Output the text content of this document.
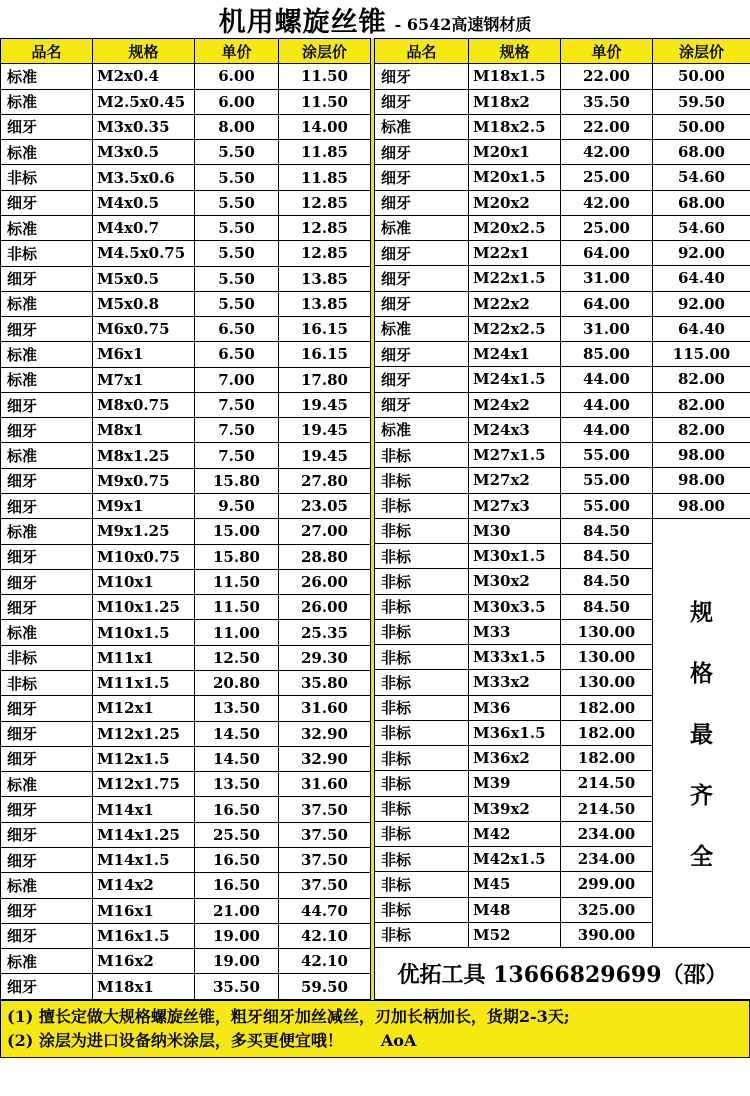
机用螺旋丝锥 - 6542高速钢材质
品名	规格	单价	涂层价
标准	M2x0.4	6.00	11.50
标准	M2.5x0.45	6.00	11.50
细牙	M3x0.35	8.00	14.00
标准	M3x0.5	5.50	11.85
非标	M3.5x0.6	5.50	11.85
细牙	M4x0.5	5.50	12.85
标准	M4x0.7	5.50	12.85
非标	M4.5x0.75	5.50	12.85
细牙	M5x0.5	5.50	13.85
标准	M5x0.8	5.50	13.85
细牙	M6x0.75	6.50	16.15
标准	M6x1	6.50	16.15
标准	M7x1	7.00	17.80
细牙	M8x0.75	7.50	19.45
细牙	M8x1	7.50	19.45
标准	M8x1.25	7.50	19.45
细牙	M9x0.75	15.80	27.80
细牙	M9x1	9.50	23.05
标准	M9x1.25	15.00	27.00
细牙	M10x0.75	15.80	28.80
细牙	M10x1	11.50	26.00
细牙	M10x1.25	11.50	26.00
标准	M10x1.5	11.00	25.35
非标	M11x1	12.50	29.30
非标	M11x1.5	20.80	35.80
细牙	M12x1	13.50	31.60
细牙	M12x1.25	14.50	32.90
细牙	M12x1.5	14.50	32.90
标准	M12x1.75	13.50	31.60
细牙	M14x1	16.50	37.50
细牙	M14x1.25	25.50	37.50
细牙	M14x1.5	16.50	37.50
标准	M14x2	16.50	37.50
细牙	M16x1	21.00	44.70
细牙	M16x1.5	19.00	42.10
标准	M16x2	19.00	42.10
细牙	M18x1	35.50	59.50
品名	规格	单价	涂层价
细牙	M18x1.5	22.00	50.00
细牙	M18x2	35.50	59.50
标准	M18x2.5	22.00	50.00
细牙	M20x1	42.00	68.00
细牙	M20x1.5	25.00	54.60
细牙	M20x2	42.00	68.00
标准	M20x2.5	25.00	54.60
细牙	M22x1	64.00	92.00
细牙	M22x1.5	31.00	64.40
细牙	M22x2	64.00	92.00
标准	M22x2.5	31.00	64.40
细牙	M24x1	85.00	115.00
细牙	M24x1.5	44.00	82.00
细牙	M24x2	44.00	82.00
标准	M24x3	44.00	82.00
非标	M27x1.5	55.00	98.00
非标	M27x2	55.00	98.00
非标	M27x3	55.00	98.00
非标	M30	84.50	规
格
最
齐
全

非标	M30x1.5	84.50	
非标	M30x2	84.50	
非标	M30x3.5	84.50	
非标	M33	130.00	
非标	M33x1.5	130.00	
非标	M33x2	130.00	
非标	M36	182.00	
非标	M36x1.5	182.00	
非标	M36x2	182.00	
非标	M39	214.50	
非标	M39x2	214.50	
非标	M42	234.00	
非标	M42x1.5	234.00	
非标	M45	299.00	
非标	M48	325.00	
非标	M52	390.00	
优拓工具 13666829699（邵）			
(1) 擅长定做大规格螺旋丝锥，粗牙细牙加丝减丝，刃加长柄加长，货期2-3天;
(2) 涂层为进口设备纳米涂层，多买更便宜哦！ AoA
